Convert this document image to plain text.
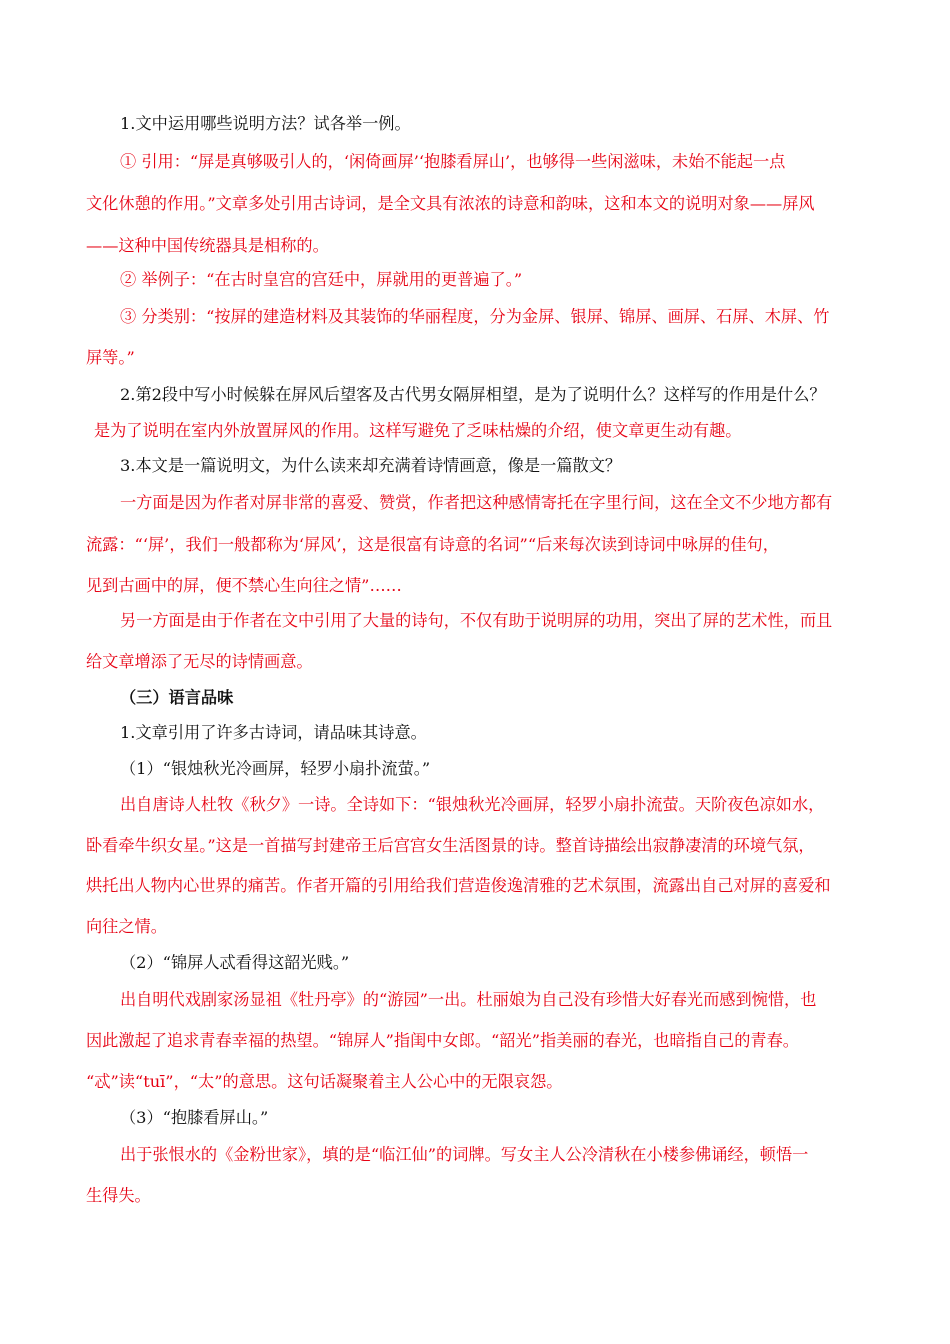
1.文中运用哪些说明方法？试各举一例。

① 引用：“屏是真够吸引人的，‘闲倚画屏’‘抱膝看屏山’，也够得一些闲滋味，未始不能起一点

文化休憩的作用。”文章多处引用古诗词，是全文具有浓浓的诗意和韵味，这和本文的说明对象——屏风

——这种中国传统器具是相称的。

② 举例子：“在古时皇宫的宫廷中，屏就用的更普遍了。”

③ 分类别：“按屏的建造材料及其装饰的华丽程度，分为金屏、银屏、锦屏、画屏、石屏、木屏、竹

屏等。”

2.第2段中写小时候躲在屏风后望客及古代男女隔屏相望，是为了说明什么？这样写的作用是什么？

是为了说明在室内外放置屏风的作用。这样写避免了乏味枯燥的介绍，使文章更生动有趣。

3.本文是一篇说明文，为什么读来却充满着诗情画意，像是一篇散文？

一方面是因为作者对屏非常的喜爱、赞赏，作者把这种感情寄托在字里行间，这在全文不少地方都有

流露：“‘屏’，我们一般都称为‘屏风’，这是很富有诗意的名词”“后来每次读到诗词中咏屏的佳句，

见到古画中的屏，便不禁心生向往之情”……

另一方面是由于作者在文中引用了大量的诗句，不仅有助于说明屏的功用，突出了屏的艺术性，而且

给文章增添了无尽的诗情画意。

（三）语言品味

1.文章引用了许多古诗词，请品味其诗意。

（1）“银烛秋光冷画屏，轻罗小扇扑流萤。”

出自唐诗人杜牧《秋夕》一诗。全诗如下：“银烛秋光冷画屏，轻罗小扇扑流萤。天阶夜色凉如水，

卧看牵牛织女星。”这是一首描写封建帝王后宫宫女生活图景的诗。整首诗描绘出寂静凄清的环境气氛，

烘托出人物内心世界的痛苦。作者开篇的引用给我们营造俊逸清雅的艺术氛围，流露出自己对屏的喜爱和

向往之情。

（2）“锦屏人忒看得这韶光贱。”

出自明代戏剧家汤显祖《牡丹亭》的“游园”一出。杜丽娘为自己没有珍惜大好春光而感到惋惜，也

因此激起了追求青春幸福的热望。“锦屏人”指闺中女郎。“韶光”指美丽的春光，也暗指自己的青春。

“忒”读“tuī”，“太”的意思。这句话凝聚着主人公心中的无限哀怨。

（3）“抱膝看屏山。”

出于张恨水的《金粉世家》，填的是“临江仙”的词牌。写女主人公冷清秋在小楼参佛诵经，顿悟一

生得失。
